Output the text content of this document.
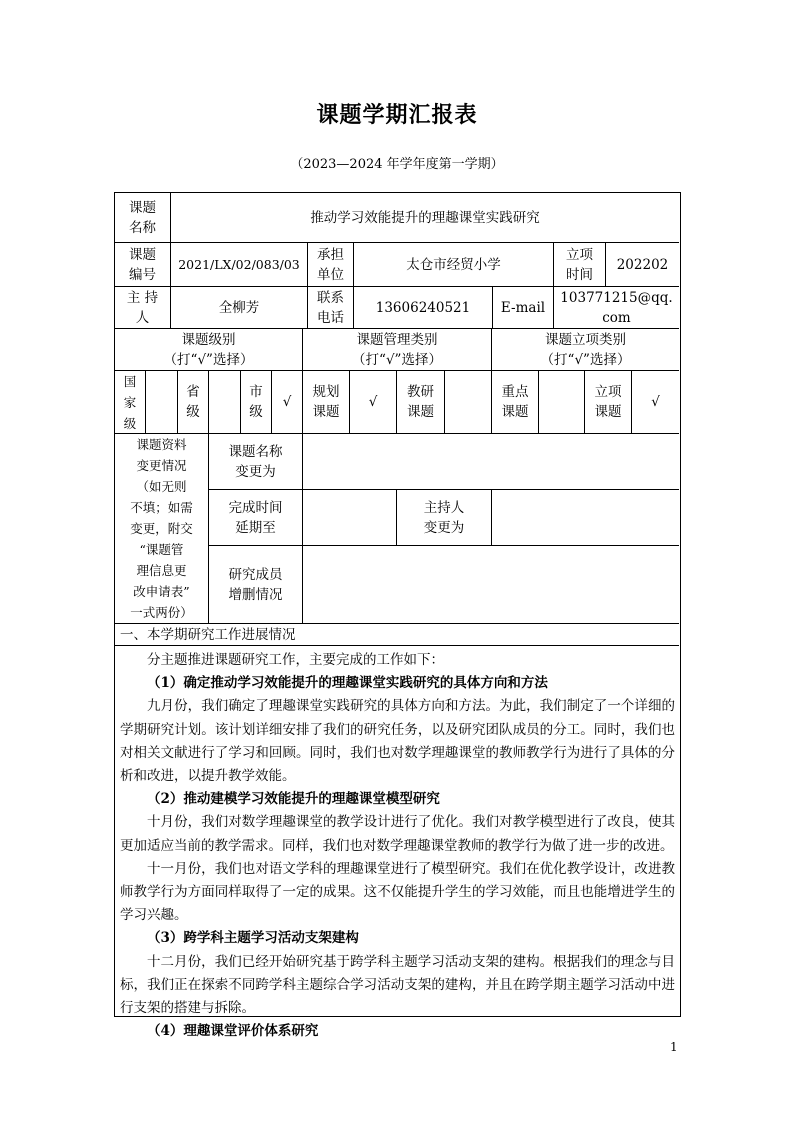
课题学期汇报表
（2023—2024 年学年度第一学期）
课题
名称
推动学习效能提升的理趣课堂实践研究
课题
编号
2021/LX/02/083/03
承担
单位
太仓市经贸小学
立项
时间
202202
主 持
人
全柳芳
联系
电话
13606240521	E-mail
103771215@qq.
com
课题级别
（打“√”选择）
课题管理类别
（打“√”选择）
课题立项类别
（打“√”选择）
国
家
级
省
级
市
级
√
规划
课题
√
教研
课题
重点
课题
立项
课题
√
课题资料
变更情况
（如无则
不填；如需
变更，附交
“课题管
理信息更
改申请表”
一式两份）
课题名称
变更为
完成时间
延期至
主持人
变更为
研究成员
增删情况
一、本学期研究工作进展情况

分主题推进课题研究工作，主要完成的工作如下：

（1）确定推动学习效能提升的理趣课堂实践研究的具体方向和方法

九月份，我们确定了理趣课堂实践研究的具体方向和方法。为此，我们制定了一个详细的学期研究计划。该计划详细安排了我们的研究任务，以及研究团队成员的分工。同时，我们也对相关文献进行了学习和回顾。同时，我们也对数学理趣课堂的教师教学行为进行了具体的分析和改进，以提升教学效能。

（2）推动建模学习效能提升的理趣课堂模型研究

十月份，我们对数学理趣课堂的教学设计进行了优化。我们对教学模型进行了改良，使其更加适应当前的教学需求。同样，我们也对数学理趣课堂教师的教学行为做了进一步的改进。

十一月份，我们也对语文学科的理趣课堂进行了模型研究。我们在优化教学设计，改进教师教学行为方面同样取得了一定的成果。这不仅能提升学生的学习效能，而且也能增进学生的学习兴趣。

（3）跨学科主题学习活动支架建构

十二月份，我们已经开始研究基于跨学科主题学习活动支架的建构。根据我们的理念与目标，我们正在探索不同跨学科主题综合学习活动支架的建构，并且在跨学期主题学习活动中进行支架的搭建与拆除。

（4）理趣课堂评价体系研究

1
